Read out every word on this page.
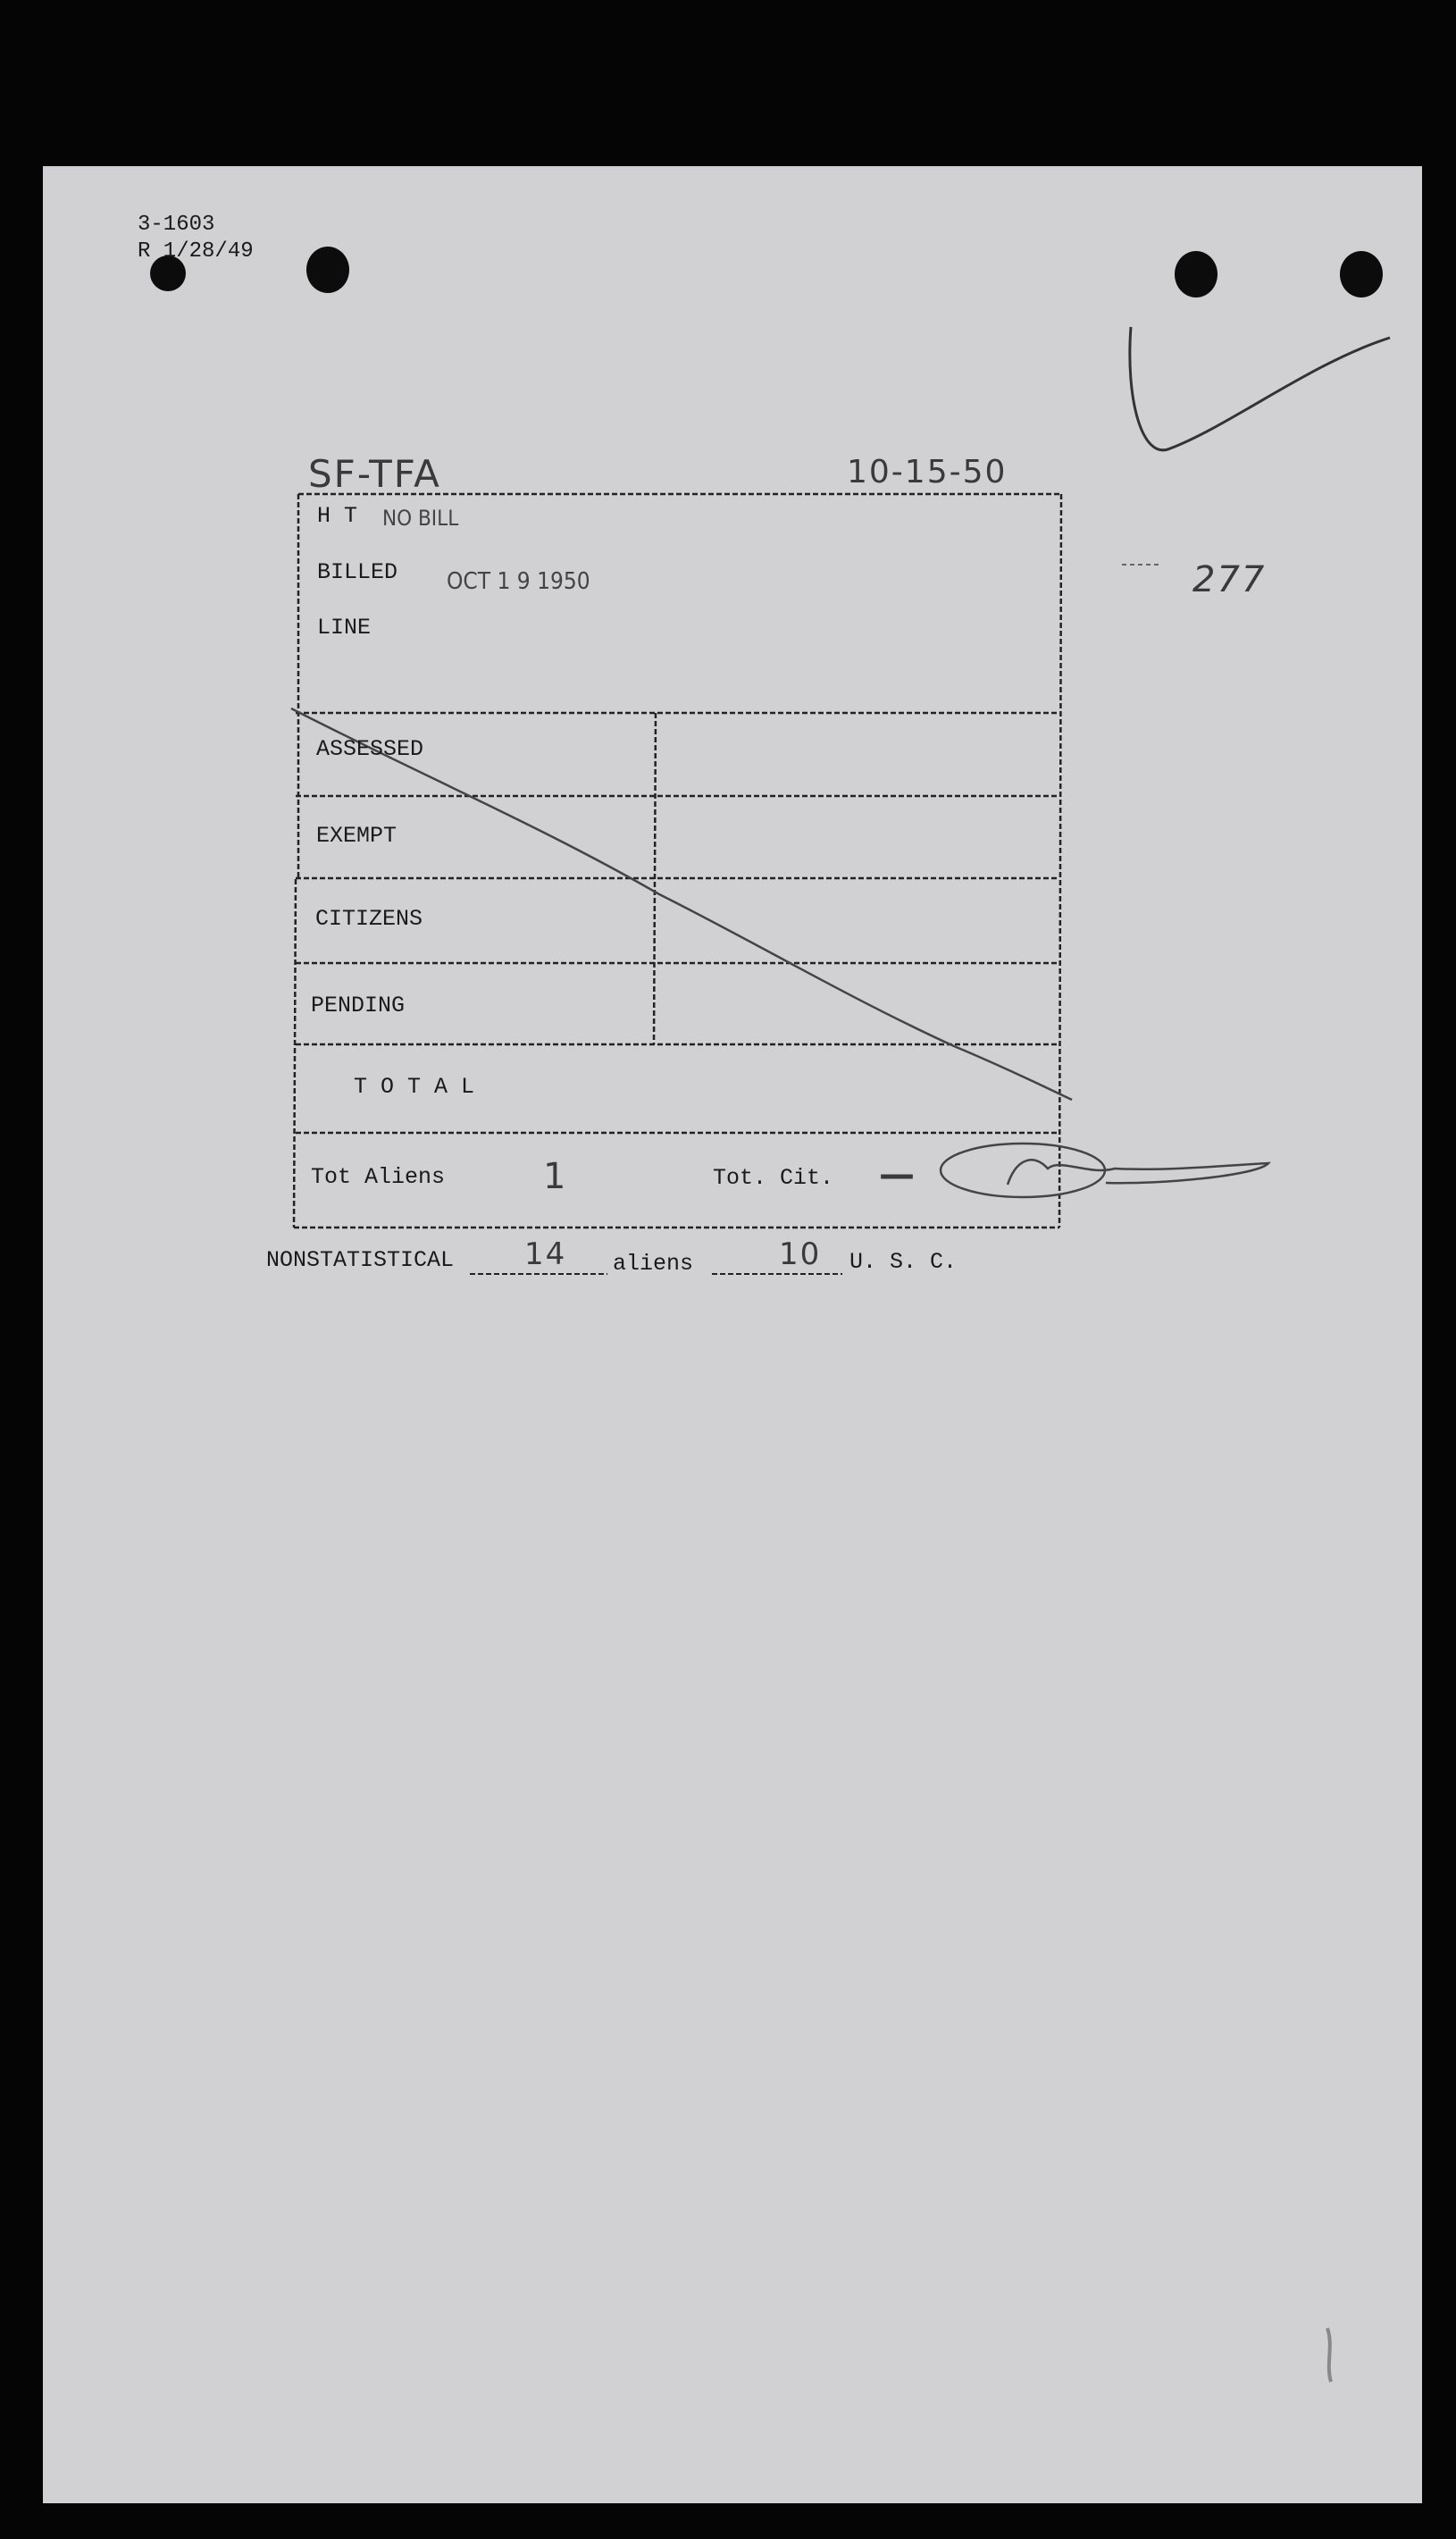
3-1603
R 1/28/49
SF-TFA	10-15-50
277
H T NO BILL
BILLED OCT 1 9 1950
LINE
ASSESSED
EXEMPT
CITIZENS
PENDING
T O T A L
Tot Aliens	1	Tot. Cit. —
NONSTATISTICAL 14 aliens	10 U. S. C.
